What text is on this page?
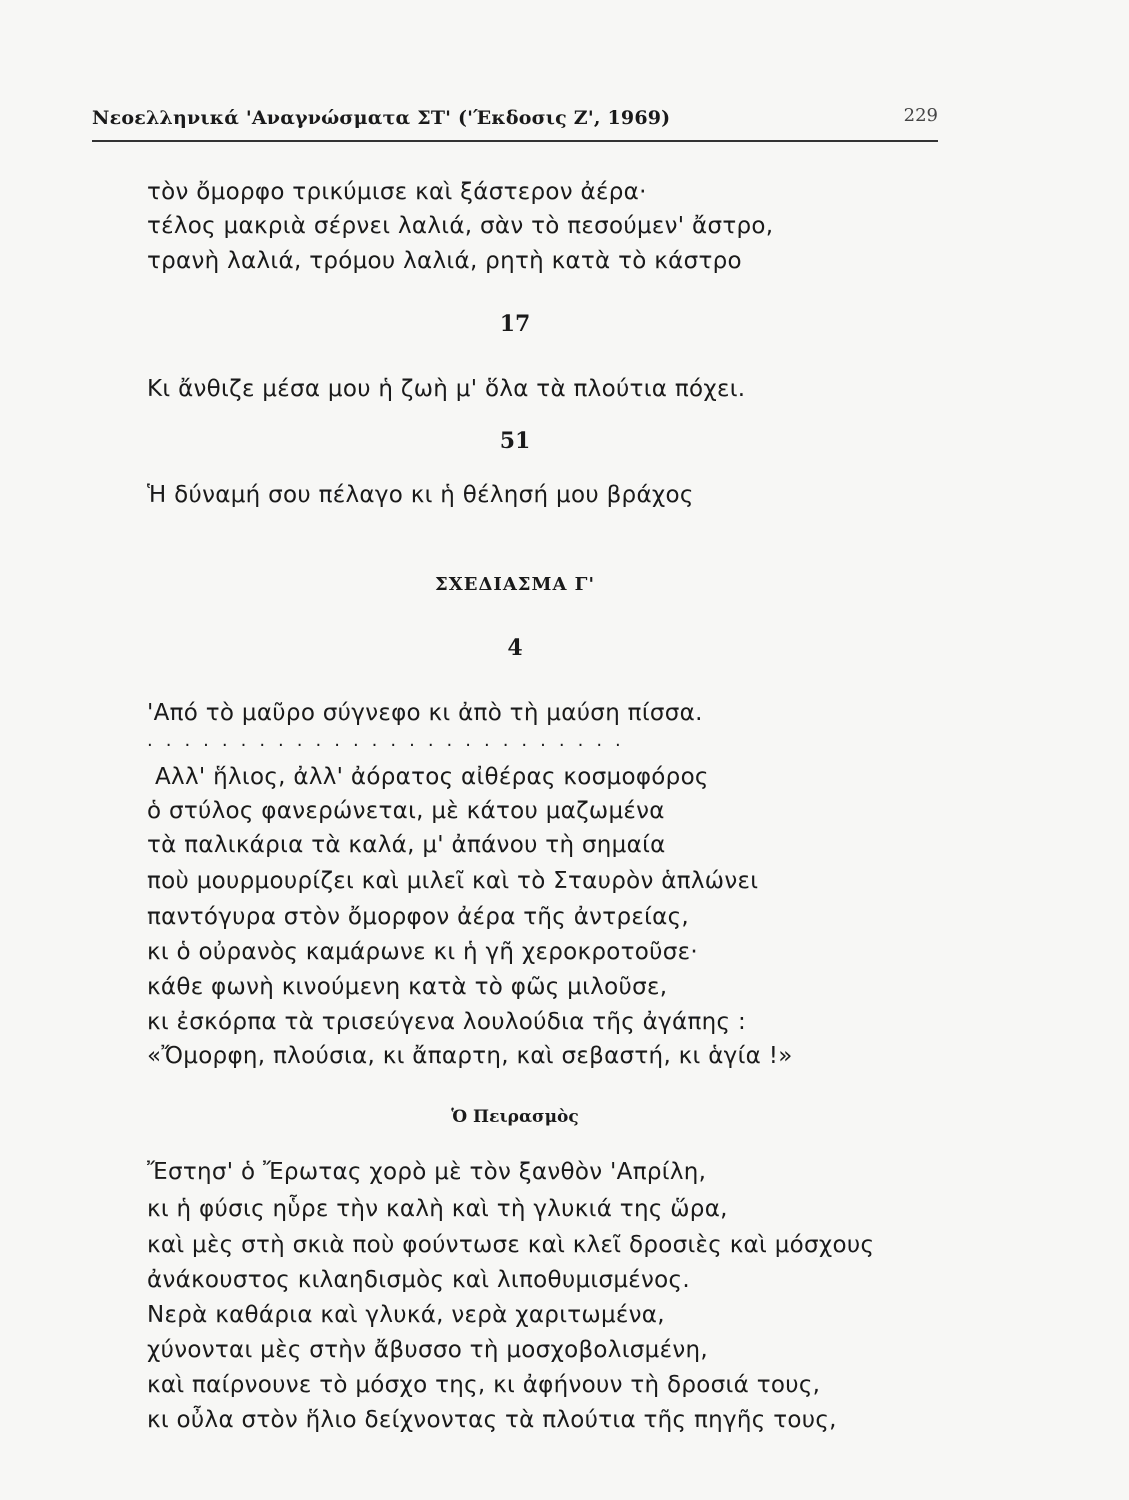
Νεοελληνικά 'Αναγνώσματα ΣΤ' ('Έκδοσις Ζ', 1969)	229
τὸν ὄμορφο τρικύμισε καὶ ξάστερον ἀέρα·
τέλος μακριὰ σέρνει λαλιά, σὰν τὸ πεσούμεν' ἄστρο,
τρανὴ λαλιά, τρόμου λαλιά, ρητὴ κατὰ τὸ κάστρο
17
Κι ἄνθιζε μέσα μου ἡ ζωὴ μ' ὅλα τὰ πλούτια πόχει.
51
Ἡ δύναμή σου πέλαγο κι ἡ θέλησή μου βράχος
ΣΧΕΔΙΑΣΜΑ Γ'
4
'Από τὸ μαῦρο σύγνεφο κι ἀπὸ τὴ μαύση πίσσα.
..........................
Αλλ' ἥλιος, ἀλλ' ἀόρατος αἰθέρας κοσμοφόρος
ὁ στύλος φανερώνεται, μὲ κάτου μαζωμένα
τὰ παλικάρια τὰ καλά, μ' ἀπάνου τὴ σημαία
ποὺ μουρμουρίζει καὶ μιλεῖ καὶ τὸ Σταυρὸν ἁπλώνει
παντόγυρα στὸν ὄμορφον ἀέρα τῆς ἀντρείας,
κι ὁ οὐρανὸς καμάρωνε κι ἡ γῆ χεροκροτοῦσε·
κάθε φωνὴ κινούμενη κατὰ τὸ φῶς μιλοῦσε,
κι ἐσκόρπα τὰ τρισεύγενα λουλούδια τῆς ἀγάπης :
«Ὄμορφη, πλούσια, κι ἄπαρτη, καὶ σεβαστή, κι ἁγία !»
Ὁ Πειρασμὸς
Ἔστησ' ὁ Ἔρωτας χορὸ μὲ τὸν ξανθὸν 'Απρίλη,
κι ἡ φύσις ηὗρε τὴν καλὴ καὶ τὴ γλυκιά της ὥρα,
καὶ μὲς στὴ σκιὰ ποὺ φούντωσε καὶ κλεῖ δροσιὲς καὶ μόσχους
ἀνάκουστος κιλαηδισμὸς καὶ λιποθυμισμένος.
Νερὰ καθάρια καὶ γλυκά, νερὰ χαριτωμένα,
χύνονται μὲς στὴν ἄβυσσο τὴ μοσχοβολισμένη,
καὶ παίρνουνε τὸ μόσχο της, κι ἀφήνουν τὴ δροσιά τους,
κι οὖλα στὸν ἥλιο δείχνοντας τὰ πλούτια τῆς πηγῆς τους,
